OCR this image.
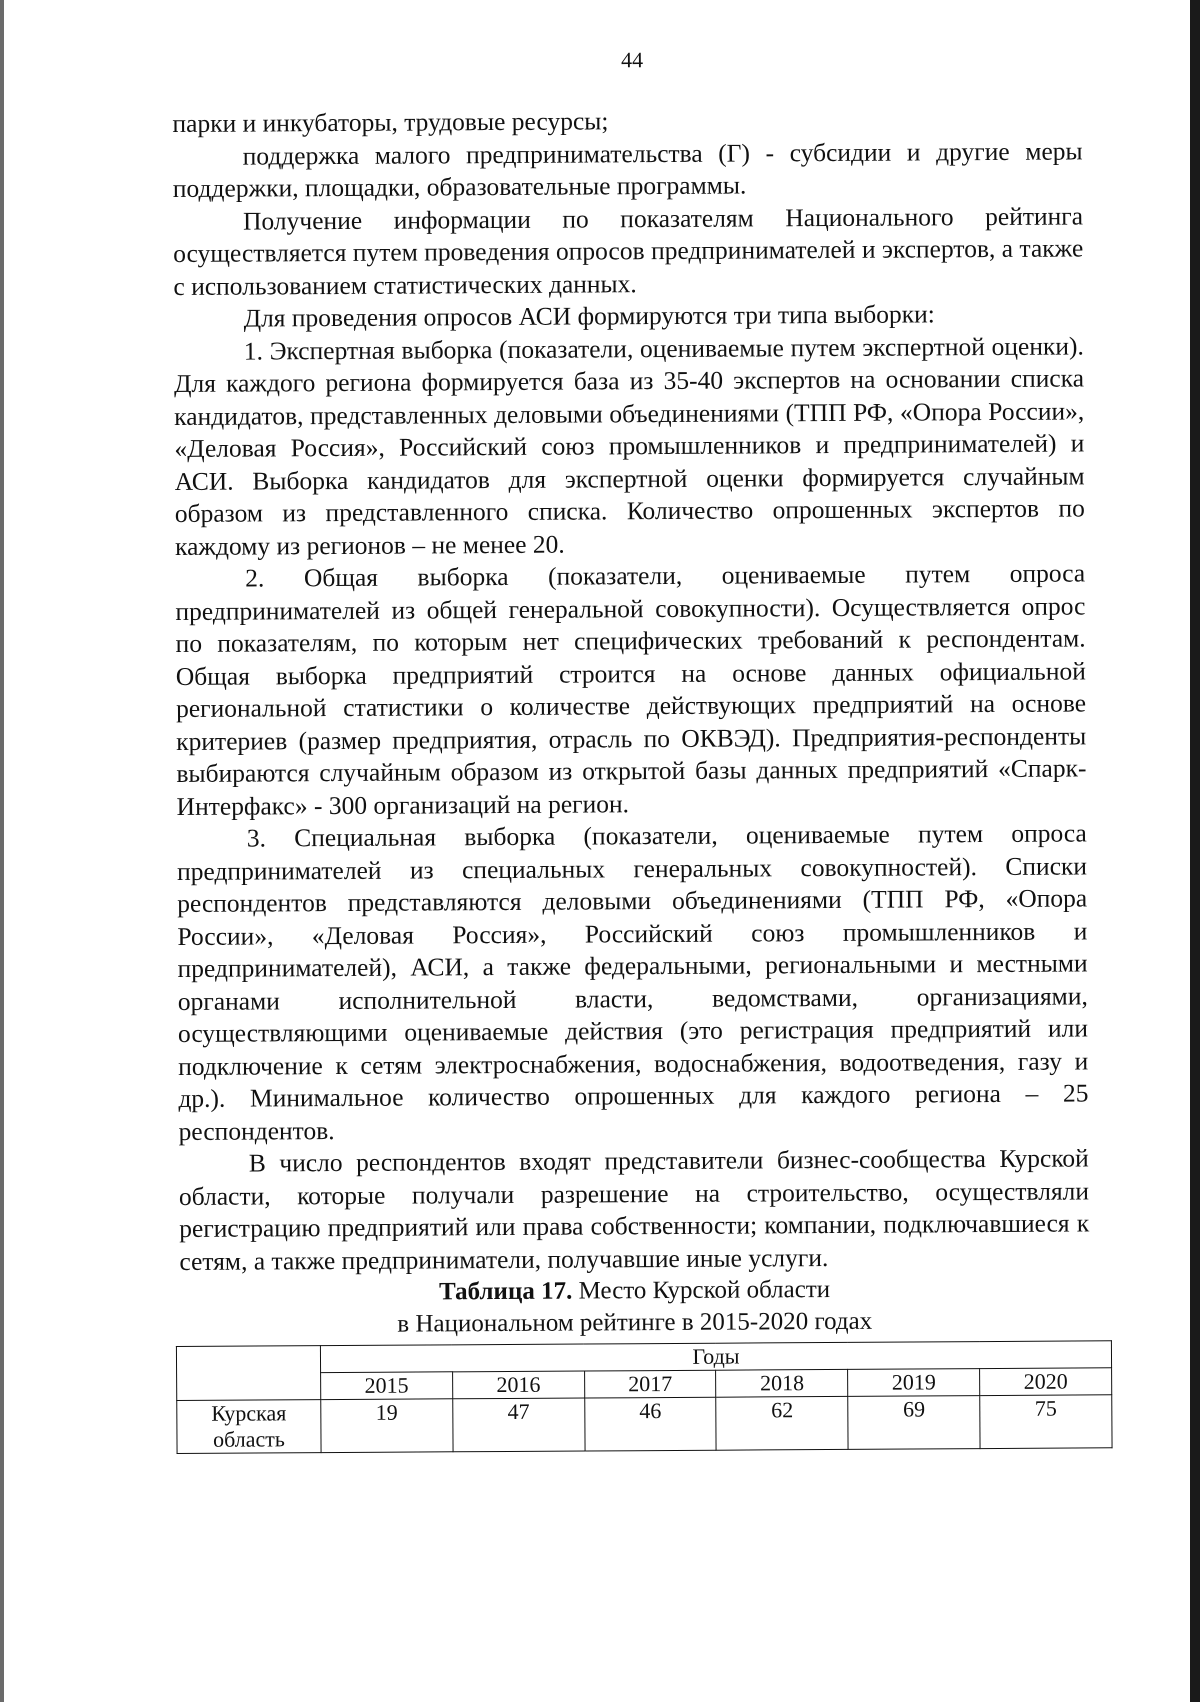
44

парки и инкубаторы, трудовые ресурсы;

поддержка малого предпринимательства (Г) - субсидии и другие меры поддержки, площадки, образовательные программы.

Получение информации по показателям Национального рейтинга осуществляется путем проведения опросов предпринимателей и экспертов, а также с использованием статистических данных.

Для проведения опросов АСИ формируются три типа выборки:

1. Экспертная выборка (показатели, оцениваемые путем экспертной оценки). Для каждого региона формируется база из 35-40 экспертов на основании списка кандидатов, представленных деловыми объединениями (ТПП РФ, «Опора России», «Деловая Россия», Российский союз промышленников и предпринимателей) и АСИ. Выборка кандидатов для экспертной оценки формируется случайным образом из представленного списка. Количество опрошенных экспертов по каждому из регионов – не менее 20.

2. Общая выборка (показатели, оцениваемые путем опроса предпринимателей из общей генеральной совокупности). Осуществляется опрос по показателям, по которым нет специфических требований к респондентам. Общая выборка предприятий строится на основе данных официальной региональной статистики о количестве действующих предприятий на основе критериев (размер предприятия, отрасль по ОКВЭД). Предприятия-респонденты выбираются случайным образом из открытой базы данных предприятий «Спарк-Интерфакс» - 300 организаций на регион.

3. Специальная выборка (показатели, оцениваемые путем опроса предпринимателей из специальных генеральных совокупностей). Списки респондентов представляются деловыми объединениями (ТПП РФ, «Опора России», «Деловая Россия», Российский союз промышленников и предпринимателей), АСИ, а также федеральными, региональными и местными органами исполнительной власти, ведомствами, организациями, осуществляющими оцениваемые действия (это регистрация предприятий или подключение к сетям электроснабжения, водоснабжения, водоотведения, газу и др.). Минимальное количество опрошенных для каждого региона – 25 респондентов.

В число респондентов входят представители бизнес-сообщества Курской области, которые получали разрешение на строительство, осуществляли регистрацию предприятий или права собственности; компании, подключавшиеся к сетям, а также предприниматели, получавшие иные услуги.

Таблица 17. Место Курской области
в Национальном рейтинге в 2015-2020 годах
	Годы					
	2015	2016	2017	2018	2019	2020
Курская область	19	47	46	62	69	75
